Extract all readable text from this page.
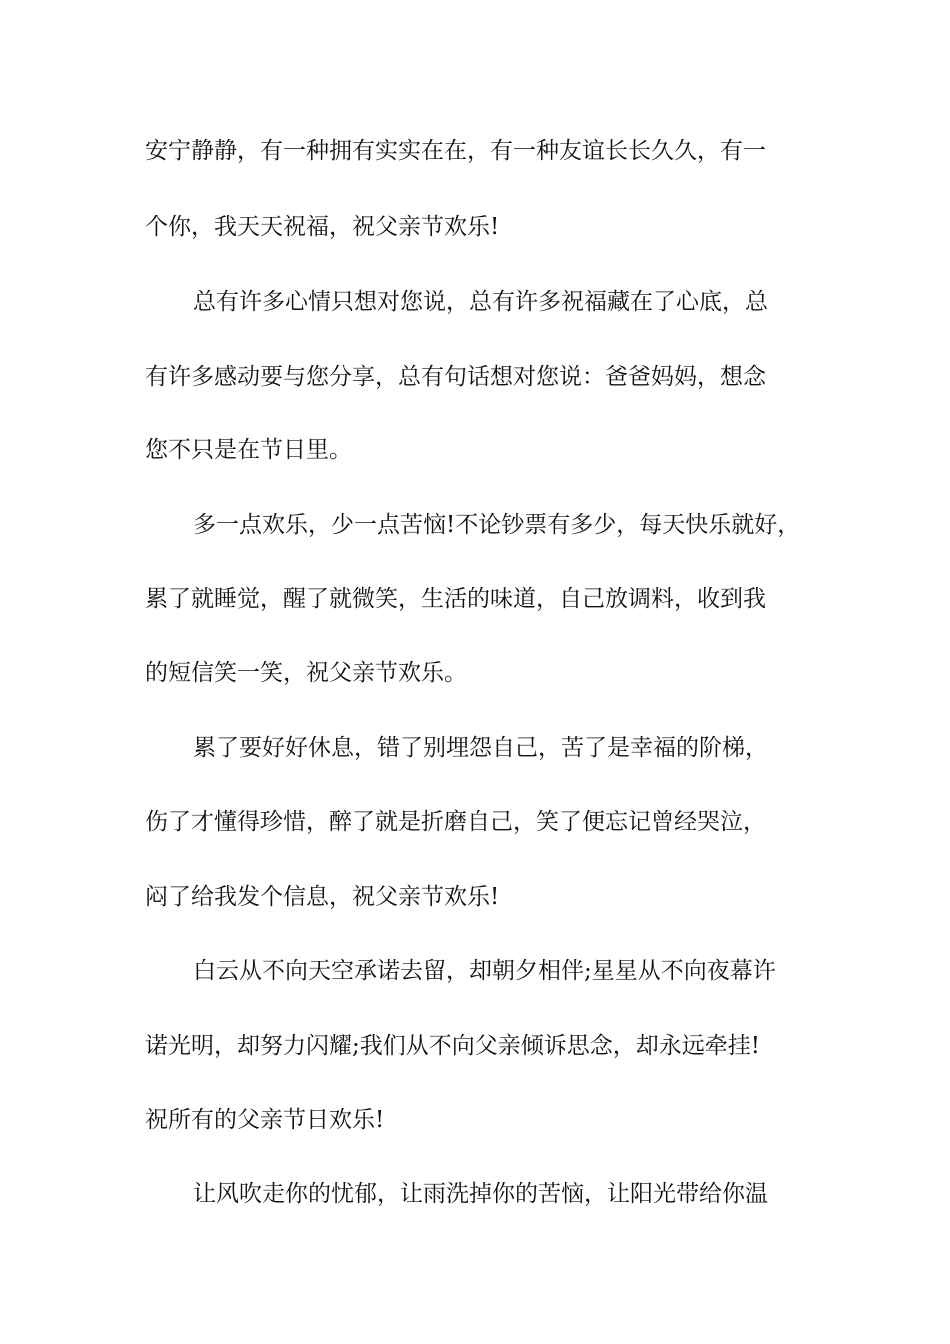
安宁静静，有一种拥有实实在在，有一种友谊长长久久，有一
个你，我天天祝福，祝父亲节欢乐!
总有许多心情只想对您说，总有许多祝福藏在了心底，总
有许多感动要与您分享，总有句话想对您说：爸爸妈妈，想念
您不只是在节日里。
多一点欢乐，少一点苦恼!不论钞票有多少，每天快乐就好，
累了就睡觉，醒了就微笑，生活的味道，自己放调料，收到我
的短信笑一笑，祝父亲节欢乐。
累了要好好休息，错了别埋怨自己，苦了是幸福的阶梯，
伤了才懂得珍惜，醉了就是折磨自己，笑了便忘记曾经哭泣，
闷了给我发个信息，祝父亲节欢乐!
白云从不向天空承诺去留，却朝夕相伴;星星从不向夜幕许
诺光明，却努力闪耀;我们从不向父亲倾诉思念，却永远牵挂!
祝所有的父亲节日欢乐!
让风吹走你的忧郁，让雨洗掉你的苦恼，让阳光带给你温
